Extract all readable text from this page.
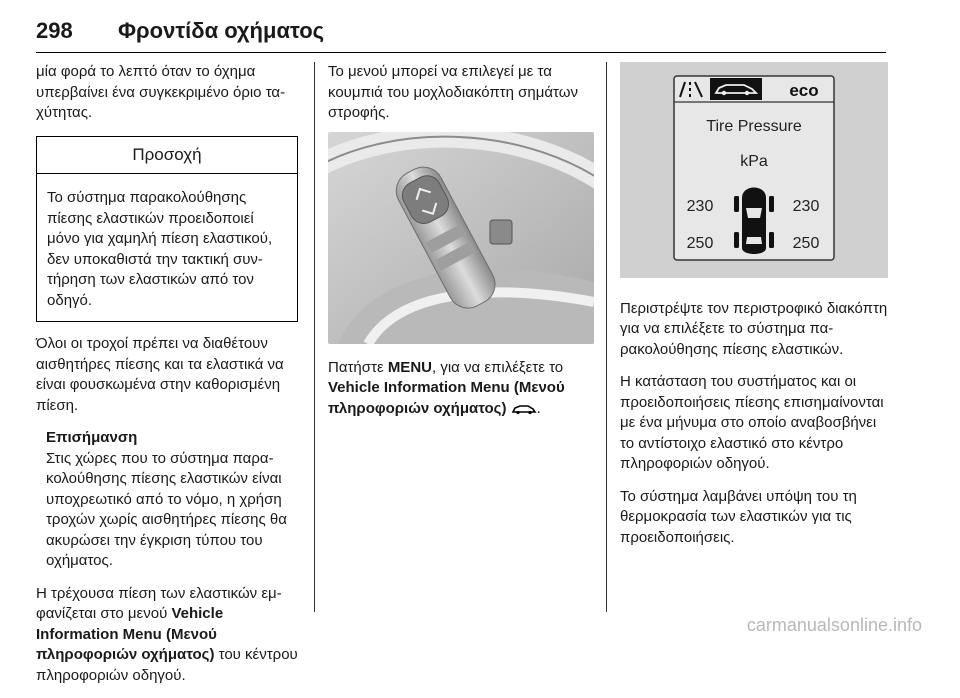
298 Φροντίδα οχήματος

μία φορά το λεπτό όταν το όχημα υπερβαίνει ένα συγκεκριμένο όριο ταχύτητας.

Προσοχή
Το σύστημα παρακολούθησης πίεσης ελαστικών προειδοποιεί μόνο για χαμηλή πίεση ελαστικού, δεν υποκαθιστά την τακτική συντήρηση των ελαστικών από τον οδηγό.

Όλοι οι τροχοί πρέπει να διαθέτουν αισθητήρες πίεσης και τα ελαστικά να είναι φουσκωμένα στην καθορισμένη πίεση.

Επισήμανση
Στις χώρες που το σύστημα παρακολούθησης πίεσης ελαστικών είναι υποχρεωτικό από το νόμο, η χρήση τροχών χωρίς αισθητήρες πίεσης θα ακυρώσει την έγκριση τύπου του οχήματος.

Η τρέχουσα πίεση των ελαστικών εμφανίζεται στο μενού Vehicle Information Menu (Μενού πληροφοριών οχήματος) του κέντρου πληροφοριών οδηγού.

Το μενού μπορεί να επιλεγεί με τα κουμπιά του μοχλοδιακόπτη σημάτων στροφής.

Πατήστε MENU, για να επιλέξετε το Vehicle Information Menu (Μενού πληροφοριών οχήματος) .

eco
Tire Pressure
kPa
230	230
250	250

Περιστρέψτε τον περιστροφικό διακόπτη για να επιλέξετε το σύστημα παρακολούθησης πίεσης ελαστικών.

Η κατάσταση του συστήματος και οι προειδοποιήσεις πίεσης επισημαίνονται με ένα μήνυμα στο οποίο αναβοσβήνει το αντίστοιχο ελαστικό στο κέντρο πληροφοριών οδηγού.

Το σύστημα λαμβάνει υπόψη του τη θερμοκρασία των ελαστικών για τις προειδοποιήσεις.

carmanualsonline.info
